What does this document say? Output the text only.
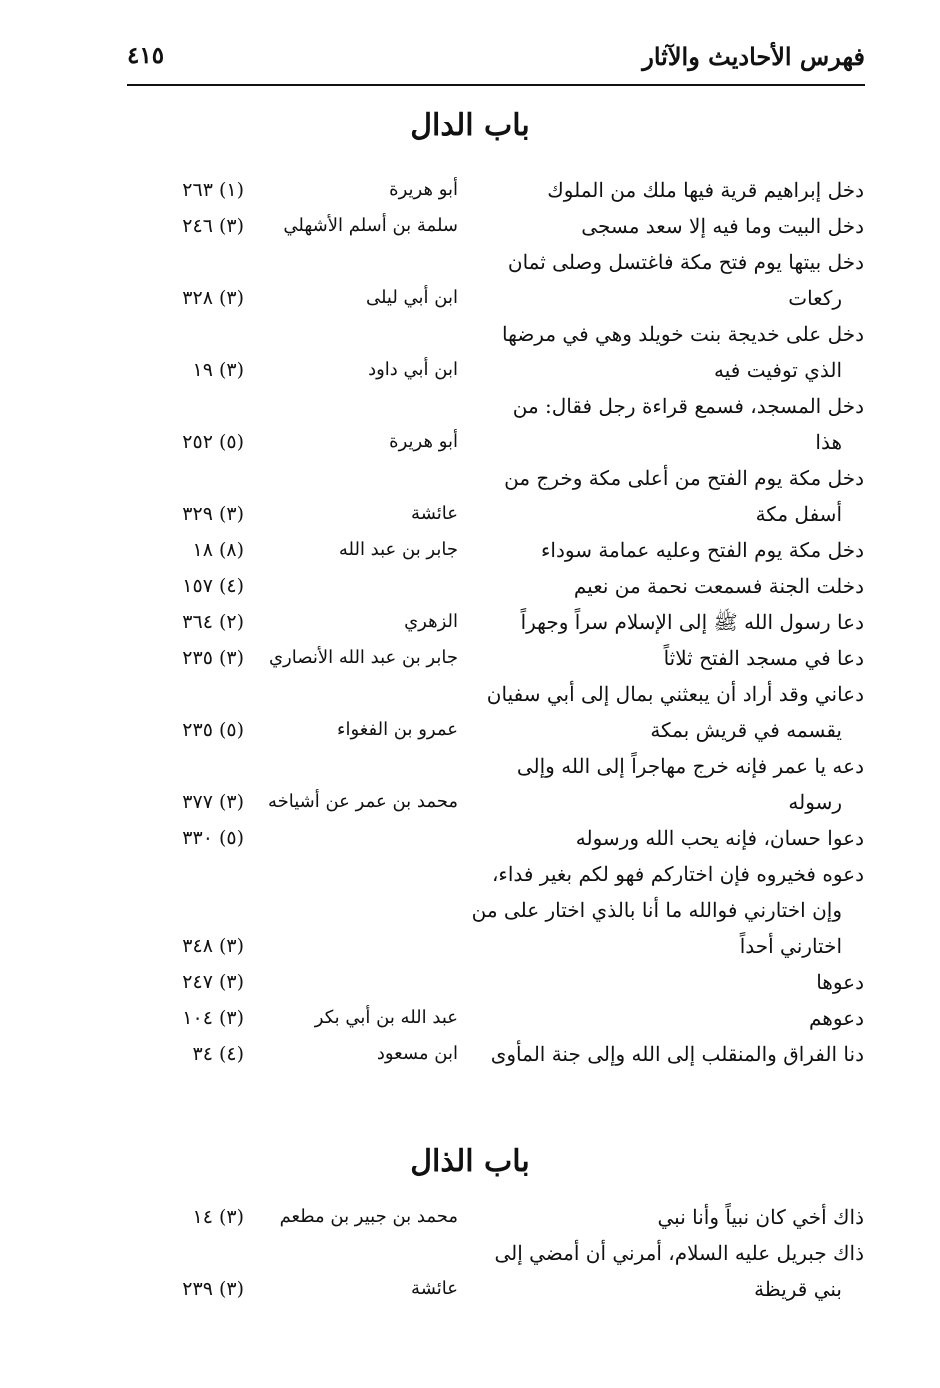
فهرس الأحاديث والآثار
٤١٥
باب الدال
دخل إبراهيم قرية فيها ملك من الملوك
أبو هريرة
(١) ٢٦٣
دخل البيت وما فيه إلا سعد مسجى
سلمة بن أسلم الأشهلي
(٣) ٢٤٦
دخل بيتها يوم فتح مكة فاغتسل وصلى ثمان
ركعات
ابن أبي ليلى
(٣) ٣٢٨
دخل على خديجة بنت خويلد وهي في مرضها
الذي توفيت فيه
ابن أبي داود
(٣) ١٩
دخل المسجد، فسمع قراءة رجل فقال: من
هذا
أبو هريرة
(٥) ٢٥٢
دخل مكة يوم الفتح من أعلى مكة وخرج من
أسفل مكة
عائشة
(٣) ٣٢٩
دخل مكة يوم الفتح وعليه عمامة سوداء
جابر بن عبد الله
(٨) ١٨
دخلت الجنة فسمعت نحمة من نعيم
(٤) ١٥٧
دعا رسول الله ﷺ إلى الإسلام سراً وجهراً
الزهري
(٢) ٣٦٤
دعا في مسجد الفتح ثلاثاً
جابر بن عبد الله الأنصاري
(٣) ٢٣٥
دعاني وقد أراد أن يبعثني بمال إلى أبي سفيان
يقسمه في قريش بمكة
عمرو بن الفغواء
(٥) ٢٣٥
دعه يا عمر فإنه خرج مهاجراً إلى الله وإلى
رسوله
محمد بن عمر عن أشياخه
(٣) ٣٧٧
دعوا حسان، فإنه يحب الله ورسوله
(٥) ٣٣٠
دعوه فخيروه فإن اختاركم فهو لكم بغير فداء،
وإن اختارني فوالله ما أنا بالذي اختار على من
اختارني أحداً
(٣) ٣٤٨
دعوها
(٣) ٢٤٧
دعوهم
عبد الله بن أبي بكر
(٣) ١٠٤
دنا الفراق والمنقلب إلى الله وإلى جنة المأوى
ابن مسعود
(٤) ٣٤
باب الذال
ذاك أخي كان نبياً وأنا نبي
محمد بن جبير بن مطعم
(٣) ١٤
ذاك جبريل عليه السلام، أمرني أن أمضي إلى
بني قريظة
عائشة
(٣) ٢٣٩
